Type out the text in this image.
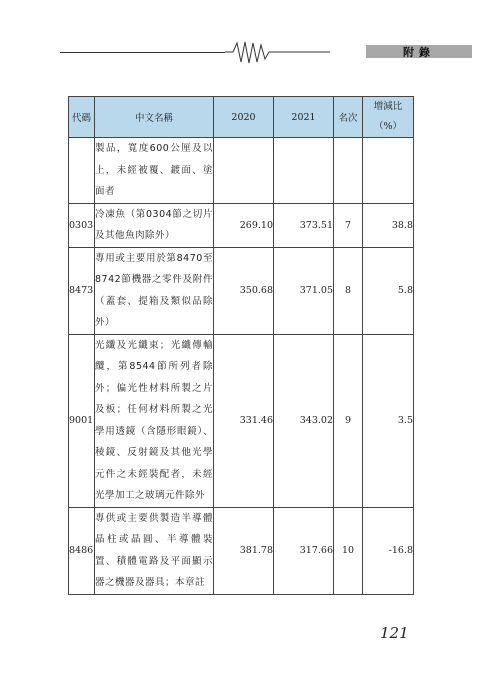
附錄
代碼	中文名稱	2020	2021	名次	增減比
（%）
	製品，寬度600公厘及以上，未經被覆、鍍面、塗面者				
0303	冷凍魚（第0304節之切片及其他魚肉除外）	269.10	373.51	7	38.8
8473	專用或主要用於第8470至8742節機器之零件及附件（蓋套、提箱及類似品除外）	350.68	371.05	8	5.8
9001	光纖及光纖束；光纖傳輸纜，第8544節所列者除外；偏光性材料所製之片及板；任何材料所製之光學用透鏡（含隱形眼鏡）、稜鏡、反射鏡及其他光學元件之未經裝配者，未經光學加工之玻璃元件除外	331.46	343.02	9	3.5
8486	專供或主要供製造半導體晶柱或晶圓、半導體裝置、積體電路及平面顯示器之機器及器具；本章註	381.78	317.66	10	-16.8
121
